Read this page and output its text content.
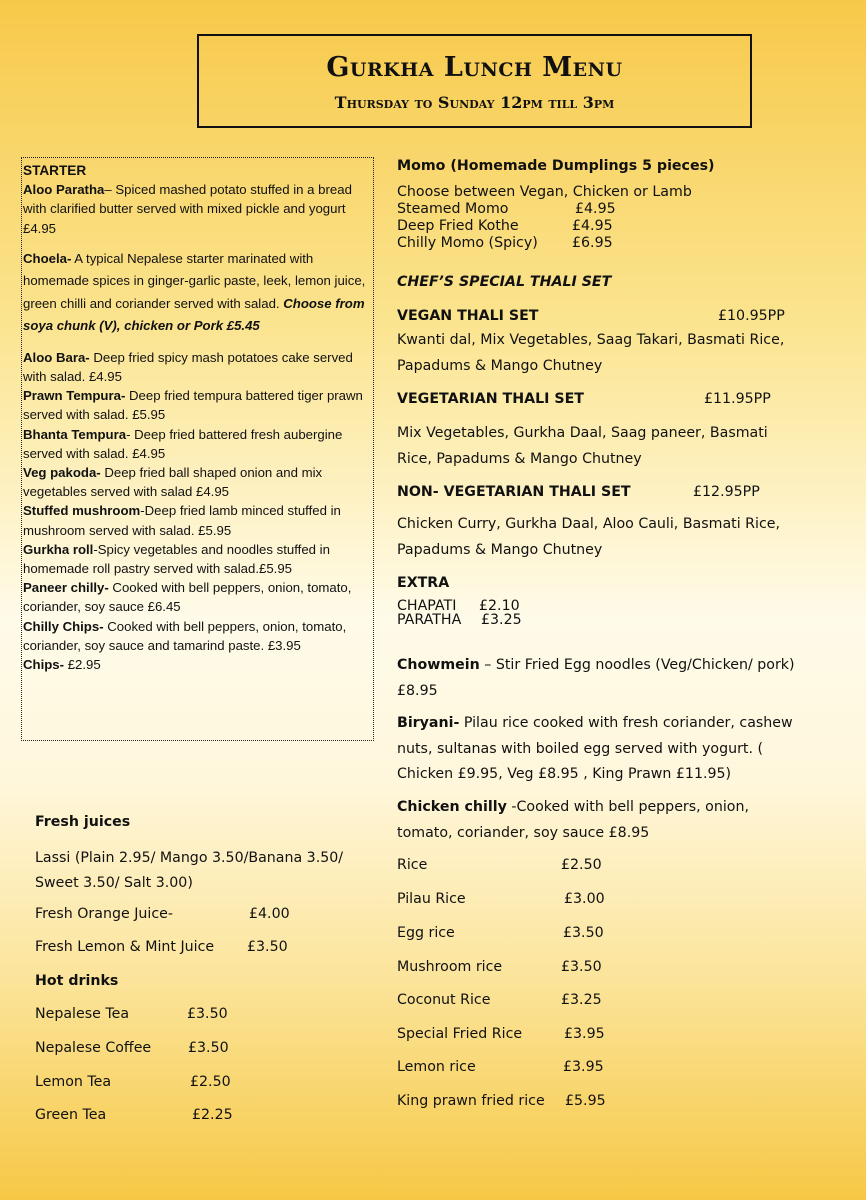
Gurkha Lunch Menu
Thursday to Sunday 12pm till 3pm

STARTER

Aloo Paratha– Spiced mashed potato stuffed in a bread with clarified butter served with mixed pickle and yogurt £4.95

Choela- A typical Nepalese starter marinated with homemade spices in ginger-garlic paste, leek, lemon juice, green chilli and coriander served with salad. Choose from soya chunk (V), chicken or Pork £5.45

Aloo Bara- Deep fried spicy mash potatoes cake served with salad. £4.95

Prawn Tempura- Deep fried tempura battered tiger prawn served with salad. £5.95

Bhanta Tempura- Deep fried battered fresh aubergine served with salad. £4.95

Veg pakoda- Deep fried ball shaped onion and mix vegetables served with salad £4.95

Stuffed mushroom-Deep fried lamb minced stuffed in mushroom served with salad. £5.95

Gurkha roll-Spicy vegetables and noodles stuffed in homemade roll pastry served with salad.£5.95

Paneer chilly- Cooked with bell peppers, onion, tomato, coriander, soy sauce £6.45

Chilly Chips- Cooked with bell peppers, onion, tomato, coriander, soy sauce and tamarind paste. £3.95

Chips- £2.95

Fresh juices
Lassi (Plain 2.95/ Mango 3.50/Banana 3.50/ Sweet 3.50/ Salt 3.00)
Fresh Orange Juice-	£4.00
Fresh Lemon & Mint Juice £3.50
Hot drinks
Nepalese Tea	£3.50
Nepalese Coffee	£3.50
Lemon Tea	£2.50
Green Tea	£2.25
Momo (Homemade Dumplings 5 pieces)
Choose between Vegan, Chicken or Lamb
Steamed Momo	£4.95
Deep Fried Kothe	£4.95
Chilly Momo (Spicy) £6.95
CHEF’S SPECIAL THALI SET
VEGAN THALI SET	£10.95PP
Kwanti dal, Mix Vegetables, Saag Takari, Basmati Rice, Papadums & Mango Chutney
VEGETARIAN THALI SET	£11.95PP
Mix Vegetables, Gurkha Daal, Saag paneer, Basmati Rice, Papadums & Mango Chutney
NON- VEGETARIAN THALI SET	£12.95PP
Chicken Curry, Gurkha Daal, Aloo Cauli, Basmati Rice, Papadums & Mango Chutney
EXTRA
CHAPATI £2.10
PARATHA £3.25
Chowmein – Stir Fried Egg noodles (Veg/Chicken/ pork) £8.95
Biryani- Pilau rice cooked with fresh coriander, cashew nuts, sultanas with boiled egg served with yogurt. ( Chicken £9.95, Veg £8.95 , King Prawn £11.95)
Chicken chilly -Cooked with bell peppers, onion, tomato, coriander, soy sauce £8.95
Rice	£2.50
Pilau Rice	£3.00
Egg rice	£3.50
Mushroom rice	£3.50
Coconut Rice	£3.25
Special Fried Rice	£3.95
Lemon rice	£3.95
King prawn fried rice £5.95
